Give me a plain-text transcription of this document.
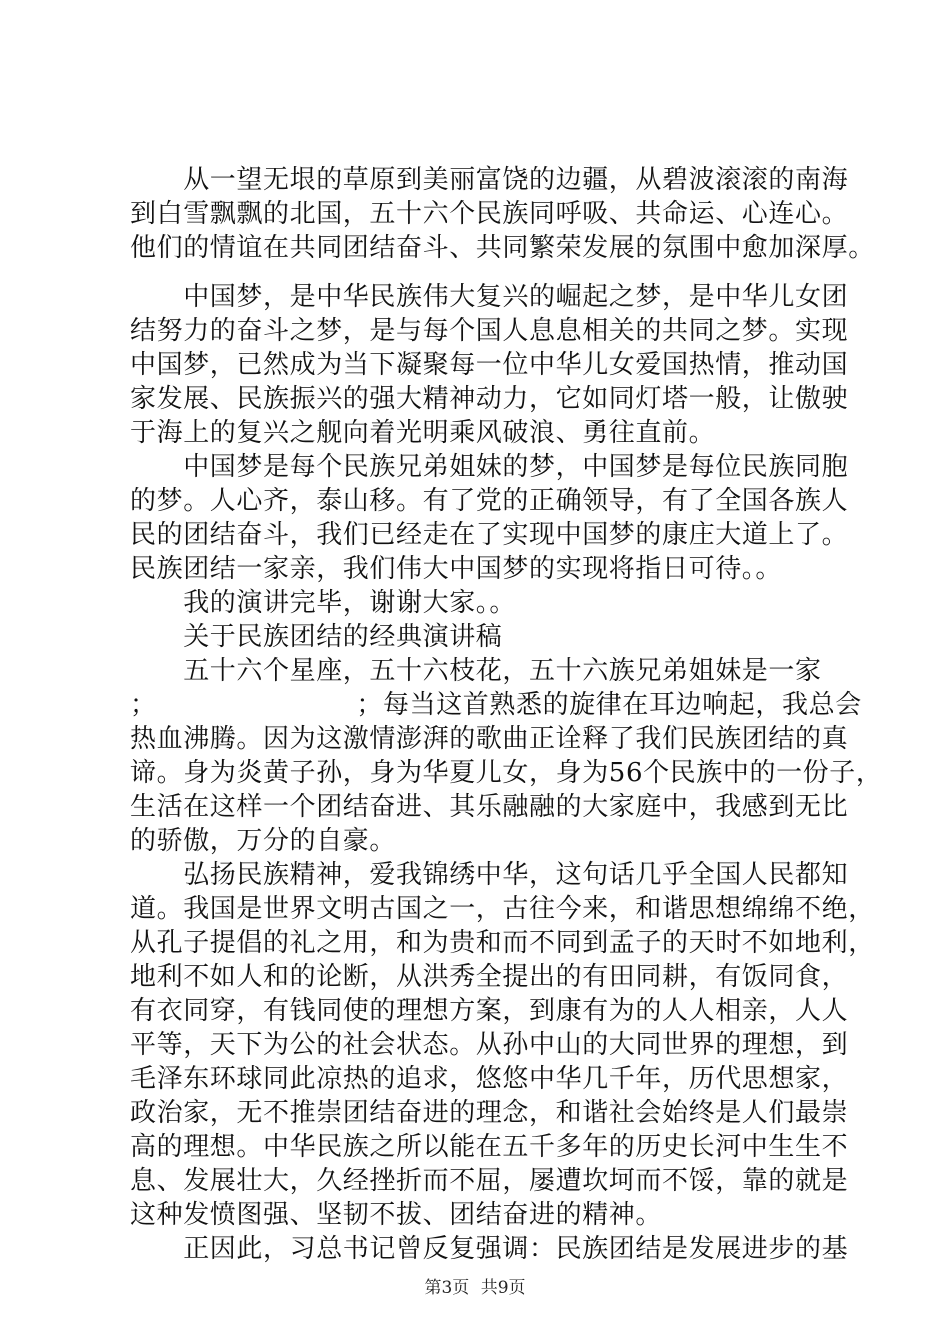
　　从一望无垠的草原到美丽富饶的边疆，从碧波滚滚的南海
到白雪飘飘的北国，五十六个民族同呼吸、共命运、心连心。
他们的情谊在共同团结奋斗、共同繁荣发展的氛围中愈加深厚。
　　中国梦，是中华民族伟大复兴的崛起之梦，是中华儿女团
结努力的奋斗之梦，是与每个国人息息相关的共同之梦。实现
中国梦，已然成为当下凝聚每一位中华儿女爱国热情，推动国
家发展、民族振兴的强大精神动力，它如同灯塔一般，让傲驶
于海上的复兴之舰向着光明乘风破浪、勇往直前。
　　中国梦是每个民族兄弟姐妹的梦，中国梦是每位民族同胞
的梦。人心齐，泰山移。有了党的正确领导，有了全国各族人
民的团结奋斗，我们已经走在了实现中国梦的康庄大道上了。
民族团结一家亲，我们伟大中国梦的实现将指日可待。。
　　我的演讲完毕，谢谢大家。。
　　关于民族团结的经典演讲稿
　　五十六个星座，五十六枝花，五十六族兄弟姐妹是一家
；　　　　　　　　；每当这首熟悉的旋律在耳边响起，我总会
热血沸腾。因为这激情澎湃的歌曲正诠释了我们民族团结的真
谛。身为炎黄子孙，身为华夏儿女，身为56个民族中的一份子，
生活在这样一个团结奋进、其乐融融的大家庭中，我感到无比
的骄傲，万分的自豪。
　　弘扬民族精神，爱我锦绣中华，这句话几乎全国人民都知
道。我国是世界文明古国之一，古往今来，和谐思想绵绵不绝，
从孔子提倡的礼之用，和为贵和而不同到孟子的天时不如地利，
地利不如人和的论断，从洪秀全提出的有田同耕，有饭同食，
有衣同穿，有钱同使的理想方案，到康有为的人人相亲，人人
平等，天下为公的社会状态。从孙中山的大同世界的理想，到
毛泽东环球同此凉热的追求，悠悠中华几千年，历代思想家，
政治家，无不推崇团结奋进的理念，和谐社会始终是人们最崇
高的理想。中华民族之所以能在五千多年的历史长河中生生不
息、发展壮大，久经挫折而不屈，屡遭坎坷而不馁，靠的就是
这种发愤图强、坚韧不拔、团结奋进的精神。
　　正因此，习总书记曾反复强调：民族团结是发展进步的基
第3页 共9页
